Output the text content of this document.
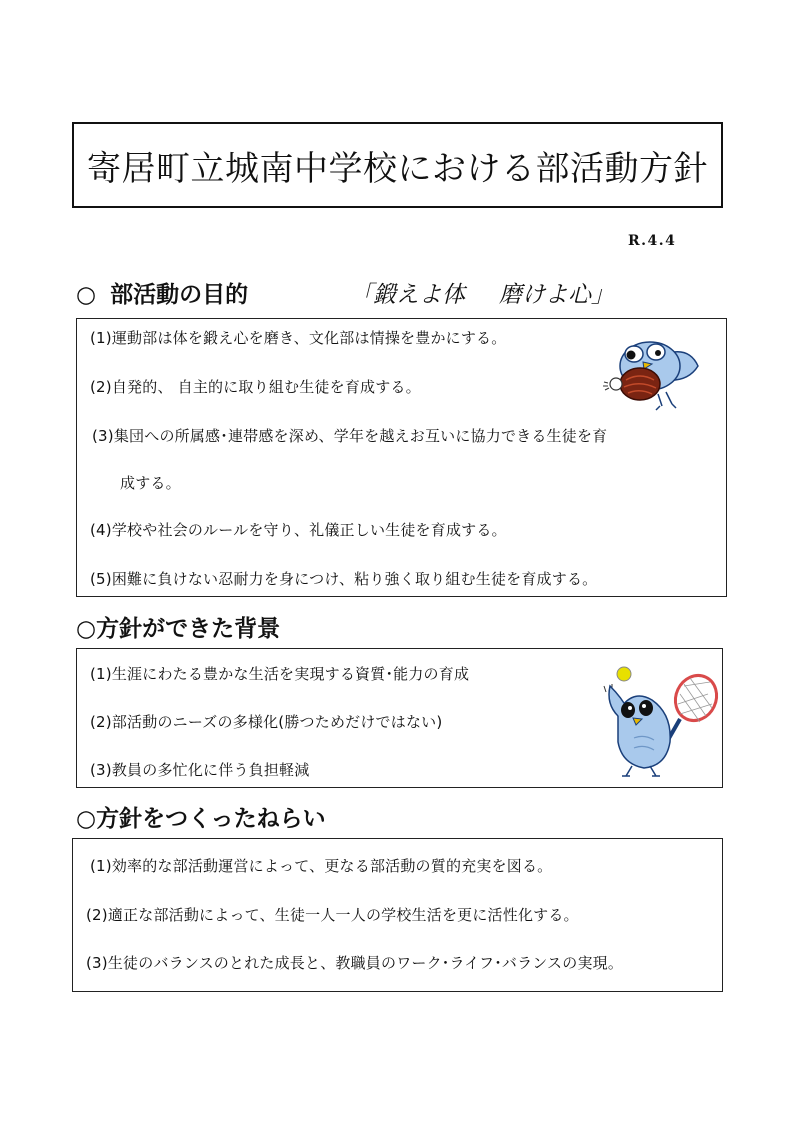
寄居町立城南中学校における部活動方針
R.4.4
○ 部活動の目的	「鍛えよ体 磨けよ心」
(1)運動部は体を鍛え心を磨き、文化部は情操を豊かにする。
(2)自発的、 自主的に取り組む生徒を育成する。
(3)集団への所属感･連帯感を深め、学年を越えお互いに協力できる生徒を育
成する。
(4)学校や社会のルールを守り、礼儀正しい生徒を育成する。
(5)困難に負けない忍耐力を身につけ、粘り強く取り組む生徒を育成する。
○方針ができた背景
(1)生涯にわたる豊かな生活を実現する資質･能力の育成
(2)部活動のニーズの多様化(勝つためだけではない)
(3)教員の多忙化に伴う負担軽減
○方針をつくったねらい
(1)効率的な部活動運営によって、更なる部活動の質的充実を図る。
(2)適正な部活動によって、生徒一人一人の学校生活を更に活性化する。
(3)生徒のバランスのとれた成長と、教職員のワーク･ライフ･バランスの実現。
